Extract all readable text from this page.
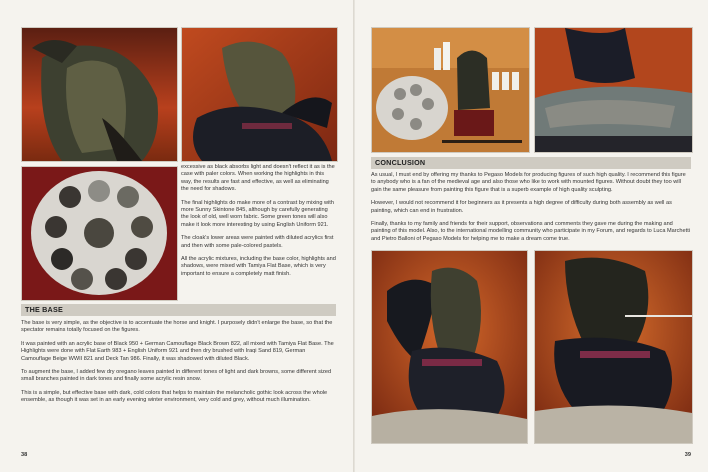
excessive as black absorbs light and doesn't reflect it as is the case with paler colors. When working the highlights in this way, the results are fast and effective, as well as eliminating the need for shadows.

The final highlights do make more of a contrast by mixing with more Sunny Skintone 845, although by carefully generating the look of old, well worn fabric. Some green tones will also make it look more interesting by using English Uniform 921.

The cloak's lower areas were painted with diluted acrylics first and then with some pale-colored pastels.

All the acrylic mixtures, including the base color, highlights and shadows, were mixed with Tamiya Flat Base, which is very important to ensure a completely matt finish.

THE BASE

The base is very simple, as the objective is to accentuate the horse and knight. I purposely didn't enlarge the base, so that the spectator remains totally focused on the figures.

It was painted with an acrylic base of Black 950 + German Camouflage Black Brown 822, all mixed with Tamiya Flat Base. The Highlights were done with Flat Earth 983 + English Uniform 921 and then dry brushed with Iraqi Sand 819, German Camouflage Beige WWII 821 and Deck Tan 986. Finally, it was shadowed with diluted Black.

To augment the base, I added few dry oregano leaves painted in different tones of light and dark browns, some different sized small branches painted in dark tones and finally some acrylic resin snow.

This is a simple, but effective base with dark, cold colors that helps to maintain the melancholic gothic look across the whole ensemble, as though it was set in an early evening winter environment, very cold and grey, without much illumination.

38
CONCLUSION

As usual, I must end by offering my thanks to Pegaso Models for producing figures of such high quality. I recommend this figure to anybody who is a fan of the medieval age and also those who like to work with mounted figures. Without doubt they too will gain the same pleasure from painting this figure that is a superb example of high quality sculpting.

However, I would not recommend it for beginners as it presents a high degree of difficulty during both assembly as well as painting, which can end in frustration.

Finally, thanks to my family and friends for their support, observations and comments they gave me during the making and painting of this model. Also, to the international modelling community who participate in my Forum, and regards to Luca Marchetti and Pietro Balloni of Pegaso Models for helping me to make a dream come true.

39
